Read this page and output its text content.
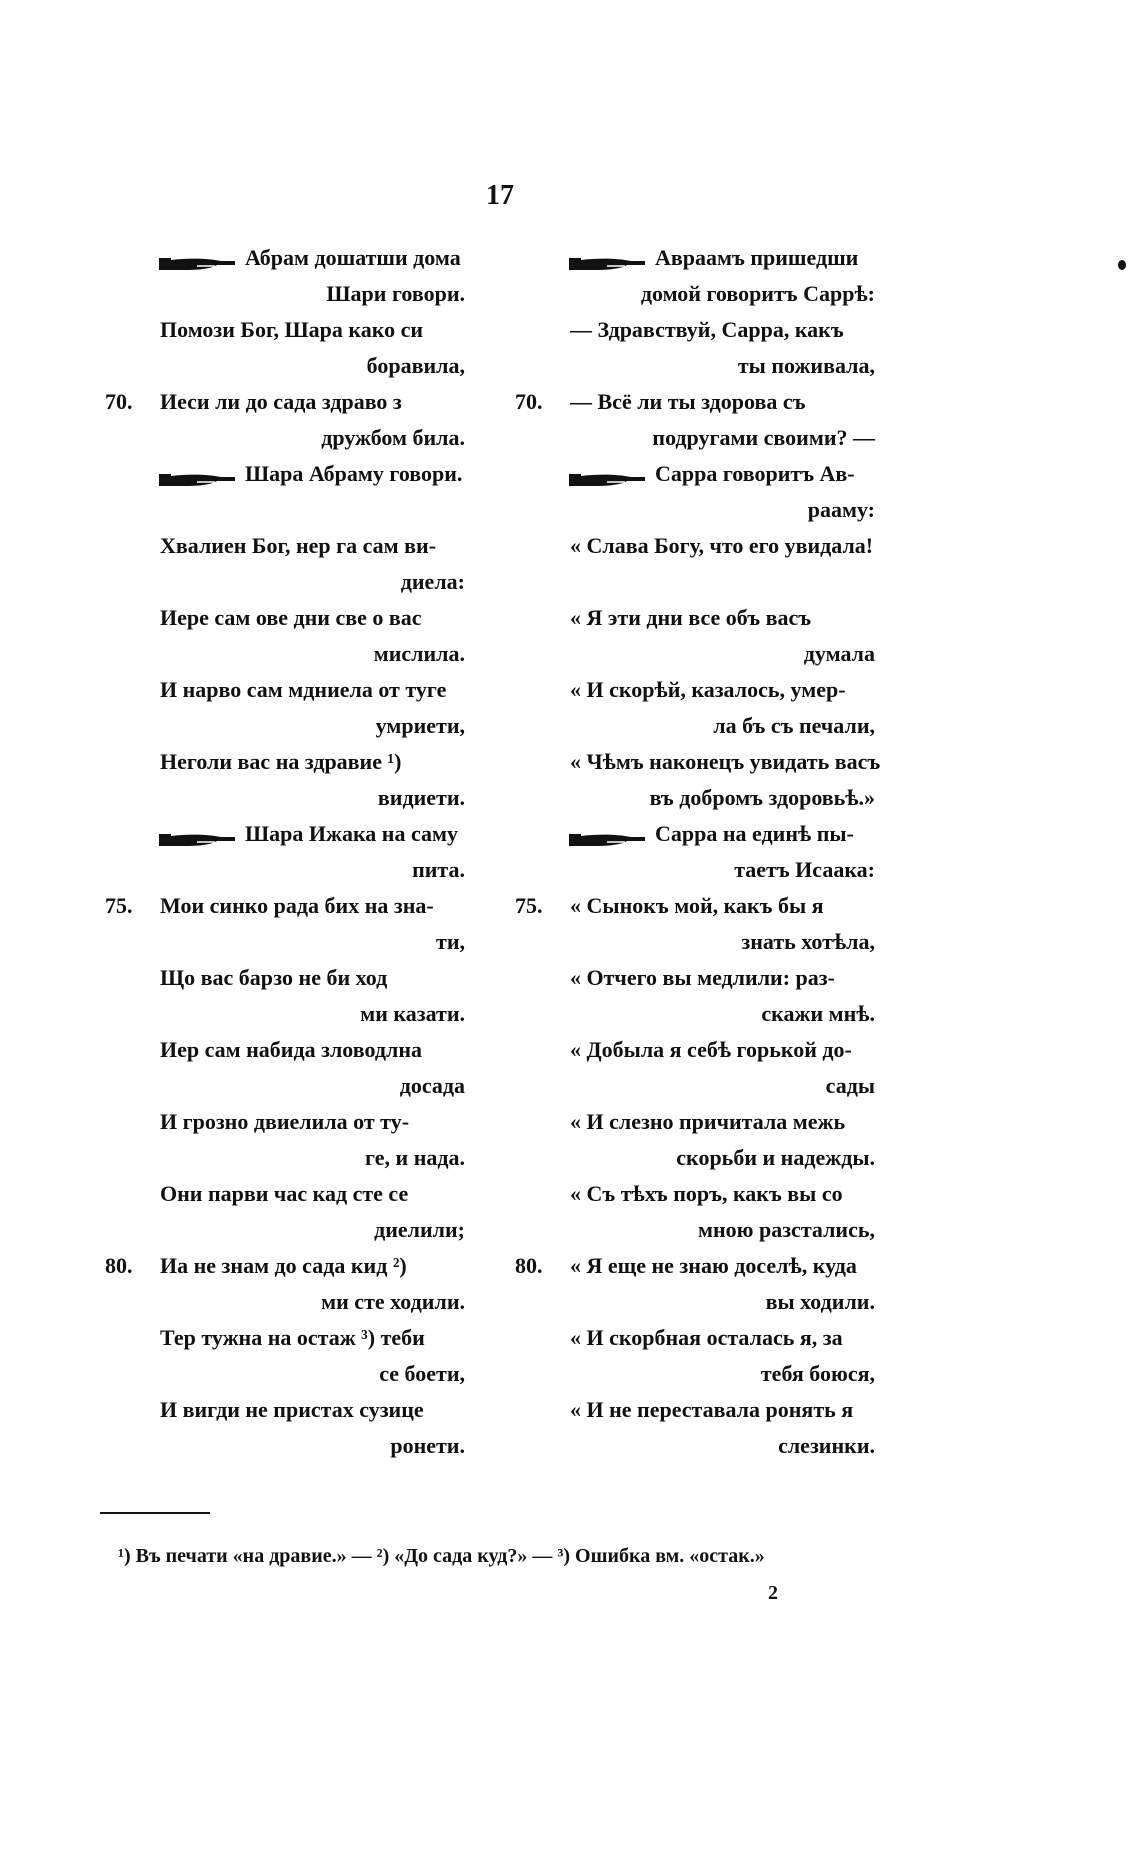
17
Абрам дошатши дома
Шари говори.
Помози Бог, Шара како си
боравила,
70.	Иеси ли до сада здраво з
дружбом била.
Шара Абраму говори.
Хвалиен Бог, нер га сам ви-
диела:
Иере сам ове дни све о вас
мислила.
И нарво сам мдниела от туге
умриети,
Неголи вас на здравие ¹)
видиети.
Шара Ижака на саму
пита.
75.	Мои синко рада бих на зна-
ти,
Що вас барзо не би ход
ми казати.
Иер сам набида зловодлна
досада
И грозно двиелила от ту-
ге, и нада.
Они парви час кад сте се
диелили;
80.	Иа не знам до сада кид ²)
ми сте ходили.
Тер тужна на остаж ³) теби
се боети,
И вигди не пристах сузице
ронети.
Авраамъ пришедши
домой говоритъ Саррѣ:
— Здравствуй, Сарра, какъ
ты поживала,
70.	— Всё ли ты здорова съ
подругами своими? —
Сарра говоритъ Ав-
рааму:
« Слава Богу, что его увидала!
« Я эти дни все объ васъ
думала
« И скорѣй, казалось, умер-
ла бъ съ печали,
« Чѣмъ наконецъ увидать васъ
въ добромъ здоровьѣ.»
Сарра на единѣ пы-
таетъ Исаака:
75.	« Сынокъ мой, какъ бы я
знать хотѣла,
« Отчего вы медлили: раз-
скажи мнѣ.
« Добыла я себѣ горькой до-
сады
« И слезно причитала межь
скорьби и надежды.
« Съ тѣхъ поръ, какъ вы со
мною разстались,
80.	« Я еще не знаю доселѣ, куда
вы ходили.
« И скорбная осталась я, за
тебя боюся,
« И не переставала ронять я
слезинки.
¹) Въ печати «на дравие.» — ²) «До сада куд?» — ³) Ошибка вм. «остак.»
2
